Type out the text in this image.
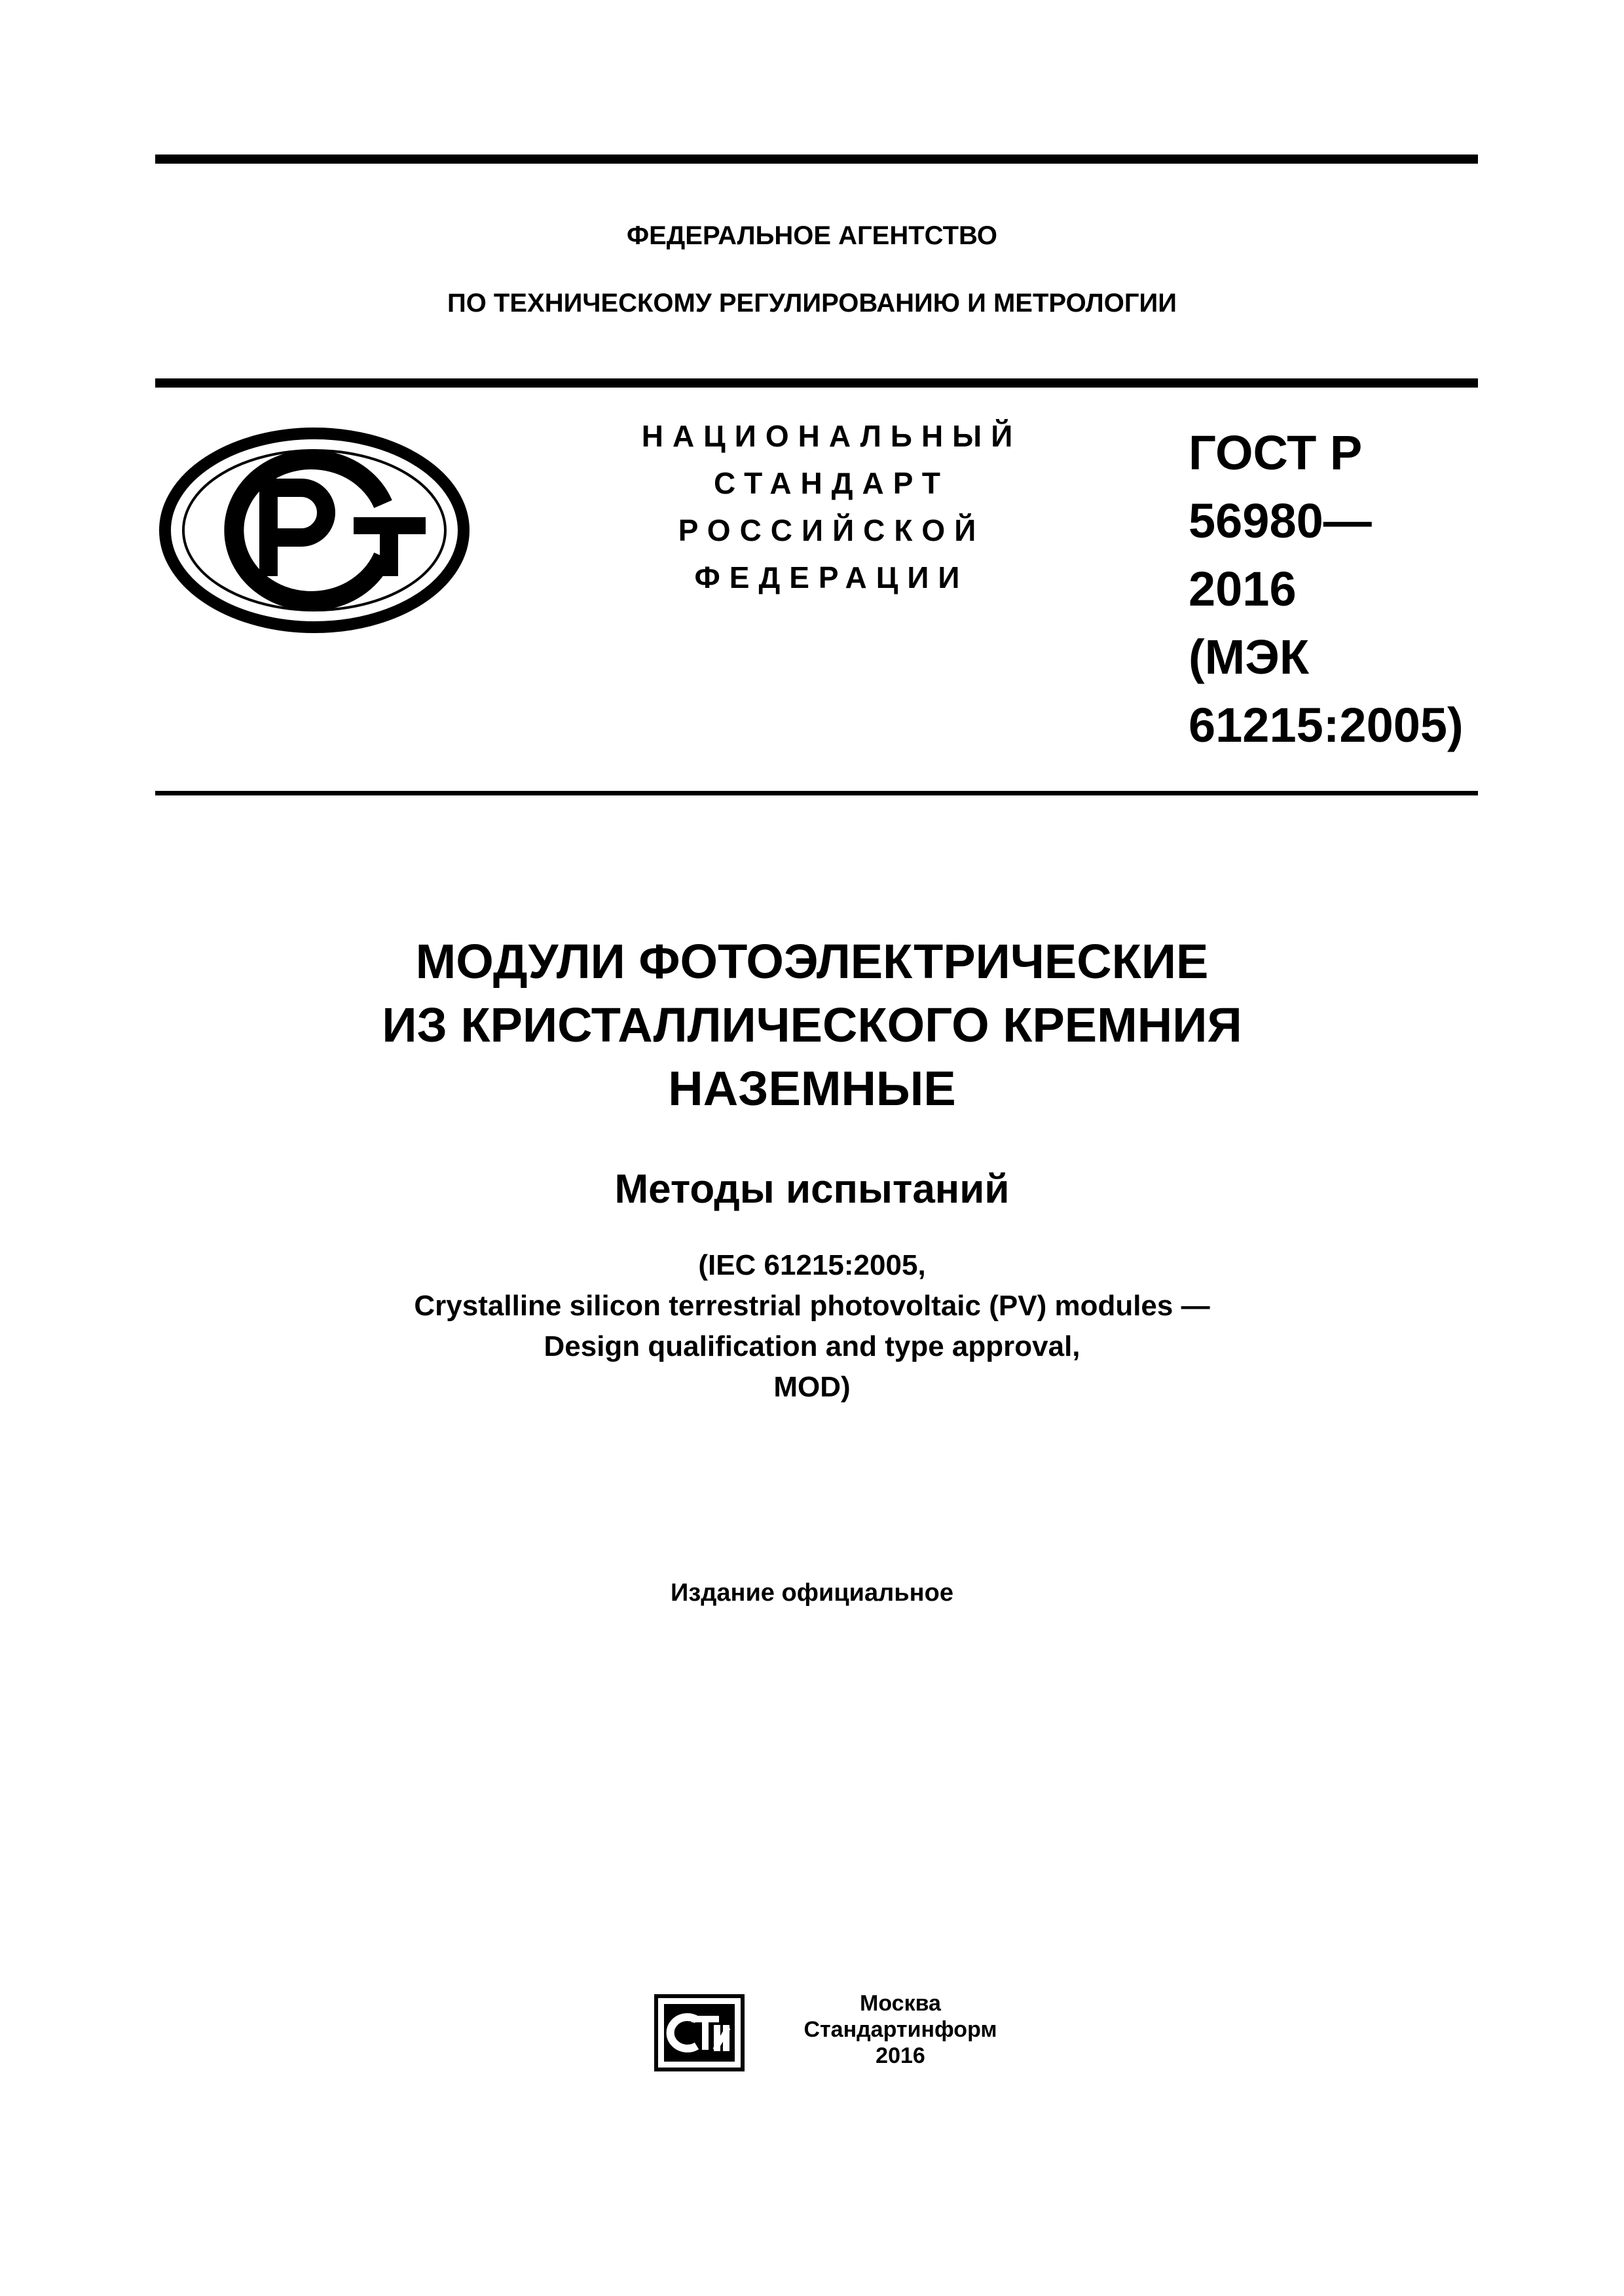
ФЕДЕРАЛЬНОЕ АГЕНТСТВО
ПО ТЕХНИЧЕСКОМУ РЕГУЛИРОВАНИЮ И МЕТРОЛОГИИ
НАЦИОНАЛЬНЫЙ
СТАНДАРТ
РОССИЙСКОЙ
ФЕДЕРАЦИИ
ГОСТ Р
56980—
2016
(МЭК
61215:2005)
МОДУЛИ ФОТОЭЛЕКТРИЧЕСКИЕ
ИЗ КРИСТАЛЛИЧЕСКОГО КРЕМНИЯ
НАЗЕМНЫЕ
Методы испытаний
(IEC 61215:2005,
Crystalline silicon terrestrial photovoltaic (PV) modules —
Design qualification and type approval,
MOD)
Издание официальное
Москва
Стандартинформ
2016
